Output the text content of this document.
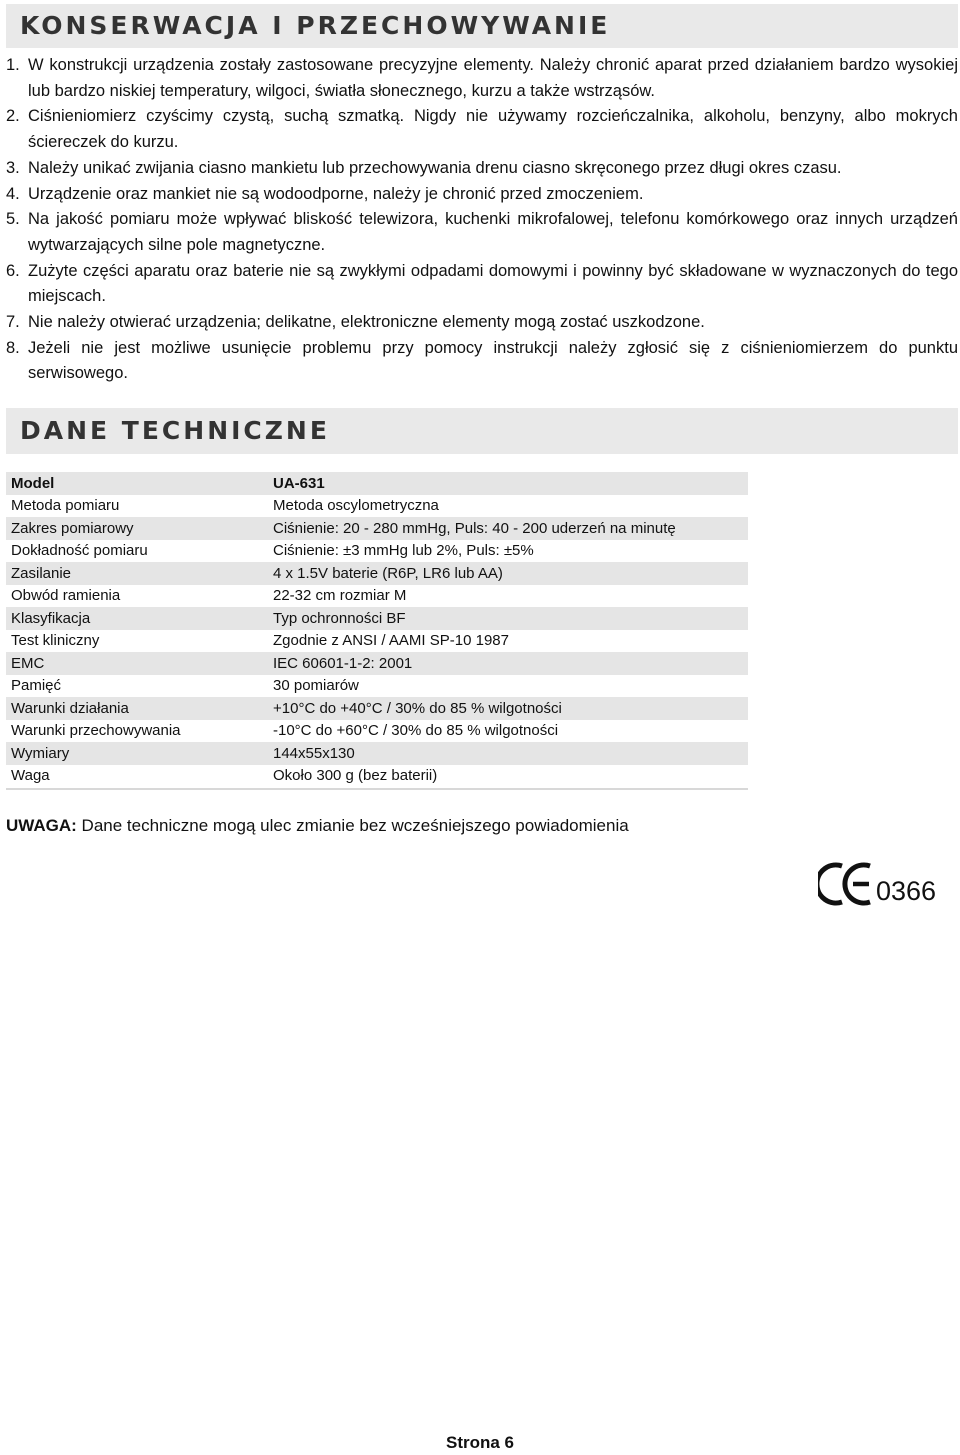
KONSERWACJA I PRZECHOWYWANIE
1. W konstrukcji urządzenia zostały zastosowane precyzyjne elementy. Należy chronić aparat przed działaniem bardzo wysokiej lub bardzo niskiej temperatury, wilgoci, światła słonecznego, kurzu a także wstrząsów.
2. Ciśnieniomierz czyścimy czystą, suchą szmatką. Nigdy nie używamy rozcieńczalnika, alkoholu, benzyny, albo mokrych ściereczek do kurzu.
3. Należy unikać zwijania ciasno mankietu lub przechowywania drenu ciasno skręconego przez długi okres czasu.
4. Urządzenie oraz mankiet nie są wodoodporne, należy je chronić przed zmoczeniem.
5. Na jakość pomiaru może wpływać bliskość telewizora, kuchenki mikrofalowej, telefonu komórkowego oraz innych urządzeń wytwarzających silne pole magnetyczne.
6. Zużyte części aparatu oraz baterie nie są zwykłymi odpadami domowymi i powinny być składowane w wyznaczonych do tego miejscach.
7. Nie należy otwierać urządzenia; delikatne, elektroniczne elementy mogą zostać uszkodzone.
8. Jeżeli nie jest możliwe usunięcie problemu przy pomocy instrukcji należy zgłosić się z ciśnieniomierzem do punktu serwisowego.
DANE TECHNICZNE
Model	UA-631
Metoda pomiaru	Metoda oscylometryczna
Zakres pomiarowy	Ciśnienie: 20 - 280 mmHg, Puls: 40 - 200 uderzeń na minutę
Dokładność pomiaru	Ciśnienie: ±3 mmHg lub 2%, Puls: ±5%
Zasilanie	4 x 1.5V baterie (R6P, LR6 lub AA)
Obwód ramienia	22-32 cm rozmiar M
Klasyfikacja	Typ ochronności BF
Test kliniczny	Zgodnie z ANSI / AAMI SP-10 1987
EMC	IEC 60601-1-2: 2001
Pamięć	30 pomiarów
Warunki działania	+10°C do +40°C / 30% do 85 % wilgotności
Warunki przechowywania	-10°C do +60°C / 30% do 85 % wilgotności
Wymiary	144x55x130
Waga	Około 300 g (bez baterii)
UWAGA: Dane techniczne mogą ulec zmianie bez wcześniejszego powiadomienia
0366
Strona 6
